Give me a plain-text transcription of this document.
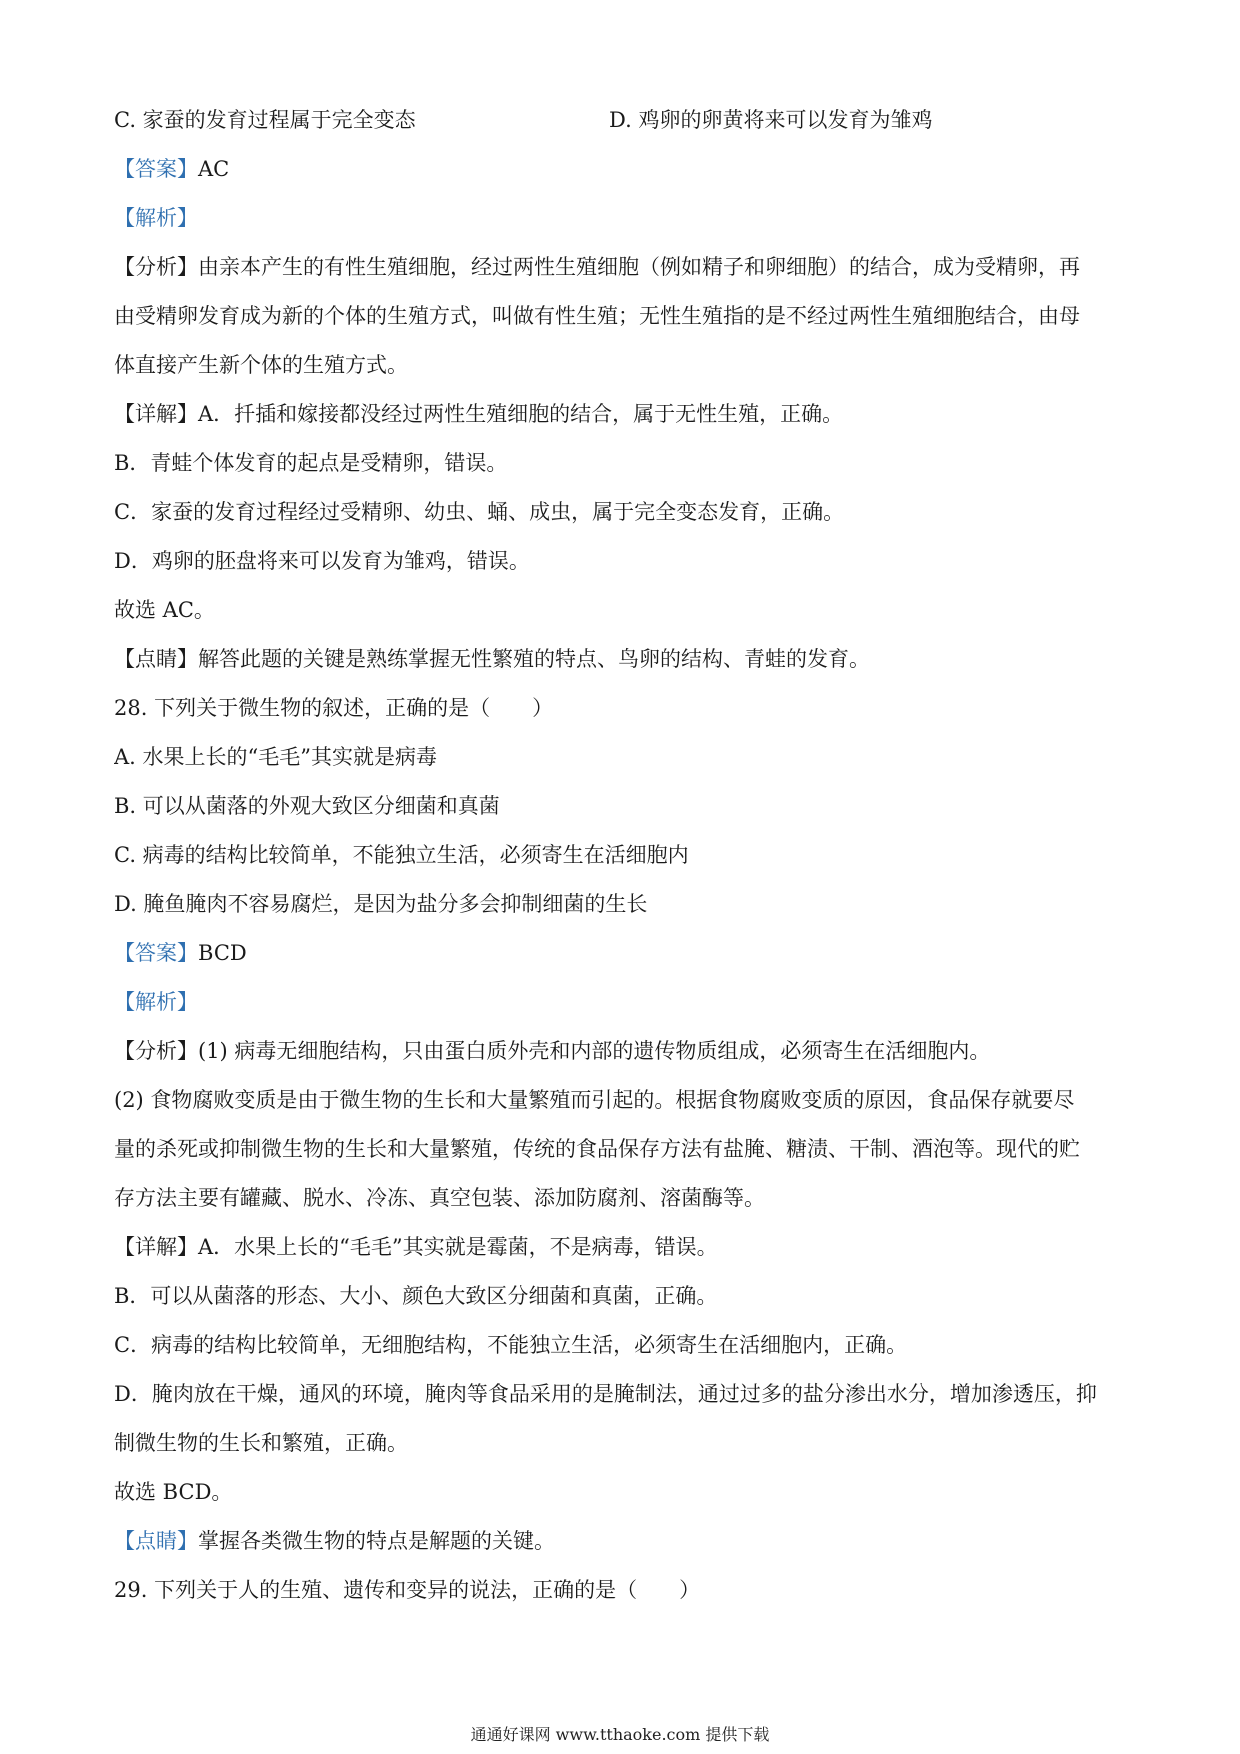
C. 家蚕的发育过程属于完全变态	D. 鸡卵的卵黄将来可以发育为雏鸡
【答案】AC
【解析】
【分析】由亲本产生的有性生殖细胞，经过两性生殖细胞（例如精子和卵细胞）的结合，成为受精卵，再
由受精卵发育成为新的个体的生殖方式，叫做有性生殖；无性生殖指的是不经过两性生殖细胞结合，由母
体直接产生新个体的生殖方式。
【详解】A．扦插和嫁接都没经过两性生殖细胞的结合，属于无性生殖，正确。
B．青蛙个体发育的起点是受精卵，错误。
C．家蚕的发育过程经过受精卵、幼虫、蛹、成虫，属于完全变态发育，正确。
D．鸡卵的胚盘将来可以发育为雏鸡，错误。
故选 AC。
【点睛】解答此题的关键是熟练掌握无性繁殖的特点、鸟卵的结构、青蛙的发育。
28. 下列关于微生物的叙述，正确的是（　　）
A. 水果上长的“毛毛”其实就是病毒
B. 可以从菌落的外观大致区分细菌和真菌
C. 病毒的结构比较简单，不能独立生活，必须寄生在活细胞内
D. 腌鱼腌肉不容易腐烂，是因为盐分多会抑制细菌的生长
【答案】BCD
【解析】
【分析】(1) 病毒无细胞结构，只由蛋白质外壳和内部的遗传物质组成，必须寄生在活细胞内。
(2) 食物腐败变质是由于微生物的生长和大量繁殖而引起的。根据食物腐败变质的原因，食品保存就要尽
量的杀死或抑制微生物的生长和大量繁殖，传统的食品保存方法有盐腌、糖渍、干制、酒泡等。现代的贮
存方法主要有罐藏、脱水、冷冻、真空包装、添加防腐剂、溶菌酶等。
【详解】A．水果上长的“毛毛”其实就是霉菌，不是病毒，错误。
B．可以从菌落的形态、大小、颜色大致区分细菌和真菌，正确。
C．病毒的结构比较简单，无细胞结构，不能独立生活，必须寄生在活细胞内，正确。
D．腌肉放在干燥，通风的环境，腌肉等食品采用的是腌制法，通过过多的盐分渗出水分，增加渗透压，抑
制微生物的生长和繁殖，正确。
故选 BCD。
【点睛】掌握各类微生物的特点是解题的关键。
29. 下列关于人的生殖、遗传和变异的说法，正确的是（　　）
通通好课网 www.tthaoke.com 提供下载
